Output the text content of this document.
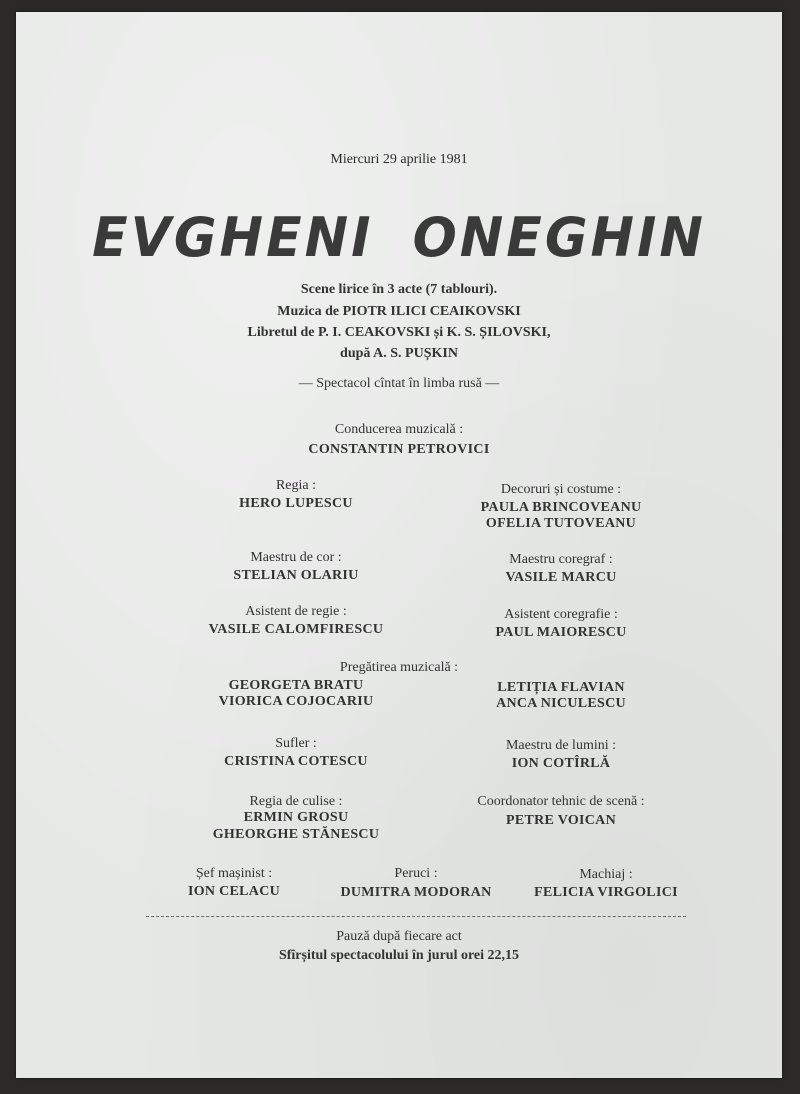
Miercuri 29 aprilie 1981
EVGHENI ONEGHIN
Scene lirice în 3 acte (7 tablouri).
Muzica de PIOTR ILICI CEAIKOVSKI
Libretul de P. I. CEAKOVSKI și K. S. ȘILOVSKI,
după A. S. PUȘKIN
— Spectacol cîntat în limba rusă —
Conducerea muzicală :
CONSTANTIN PETROVICI
Regia :
HERO LUPESCU
Decoruri și costume :
PAULA BRINCOVEANU
OFELIA TUTOVEANU
Maestru de cor :
STELIAN OLARIU
Maestru coregraf :
VASILE MARCU
Asistent de regie :
VASILE CALOMFIRESCU
Asistent coregrafie :
PAUL MAIORESCU
Pregătirea muzicală :
GEORGETA BRATU
VIORICA COJOCARIU
LETIȚIA FLAVIAN
ANCA NICULESCU
Sufler :
CRISTINA COTESCU
Maestru de lumini :
ION COTÎRLĂ
Regia de culise :
ERMIN GROSU
GHEORGHE STĂNESCU
Coordonator tehnic de scenă :
PETRE VOICAN
Șef mașinist :
ION CELACU
Peruci :
DUMITRA MODORAN
Machiaj :
FELICIA VIRGOLICI
Pauză după fiecare act
Sfîrșitul spectacolului în jurul orei 22,15
